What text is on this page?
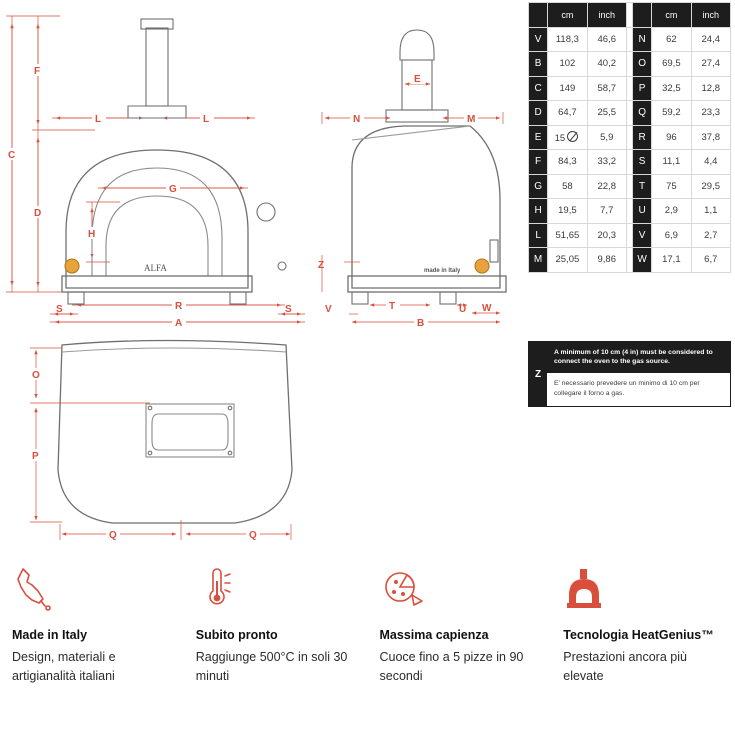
ALFA
C
F
D
L	L
G
H
R
A
S	S
made in Italy
E
N	M
Z
T	U W
V
B
O
P
Q	Q
	cm	inch			cm	inch
V	118,3	46,6		N	62	24,4
B	102	40,2		O	69,5	27,4
C	149	58,7		P	32,5	12,8
D	64,7	25,5		Q	59,2	23,3
E	15	5,9		R	96	37,8
F	84,3	33,2		S	11,1	4,4
G	58	22,8		T	75	29,5
H	19,5	7,7		U	2,9	1,1
L	51,65	20,3		V	6,9	2,7
M	25,05	9,86		W	17,1	6,7
Z
A minimum of 10 cm (4 in) must be considered to connect the oven to the gas source.
E' necessario prevedere un minimo di 10 cm per collegare il forno a gas.
Made in Italy

Design, materiali e artigianalità italiani

Subito pronto

Raggiunge 500°C in soli 30 minuti

Massima capienza

Cuoce fino a 5 pizze in 90 secondi

Tecnologia HeatGenius™

Prestazioni ancora più elevate
